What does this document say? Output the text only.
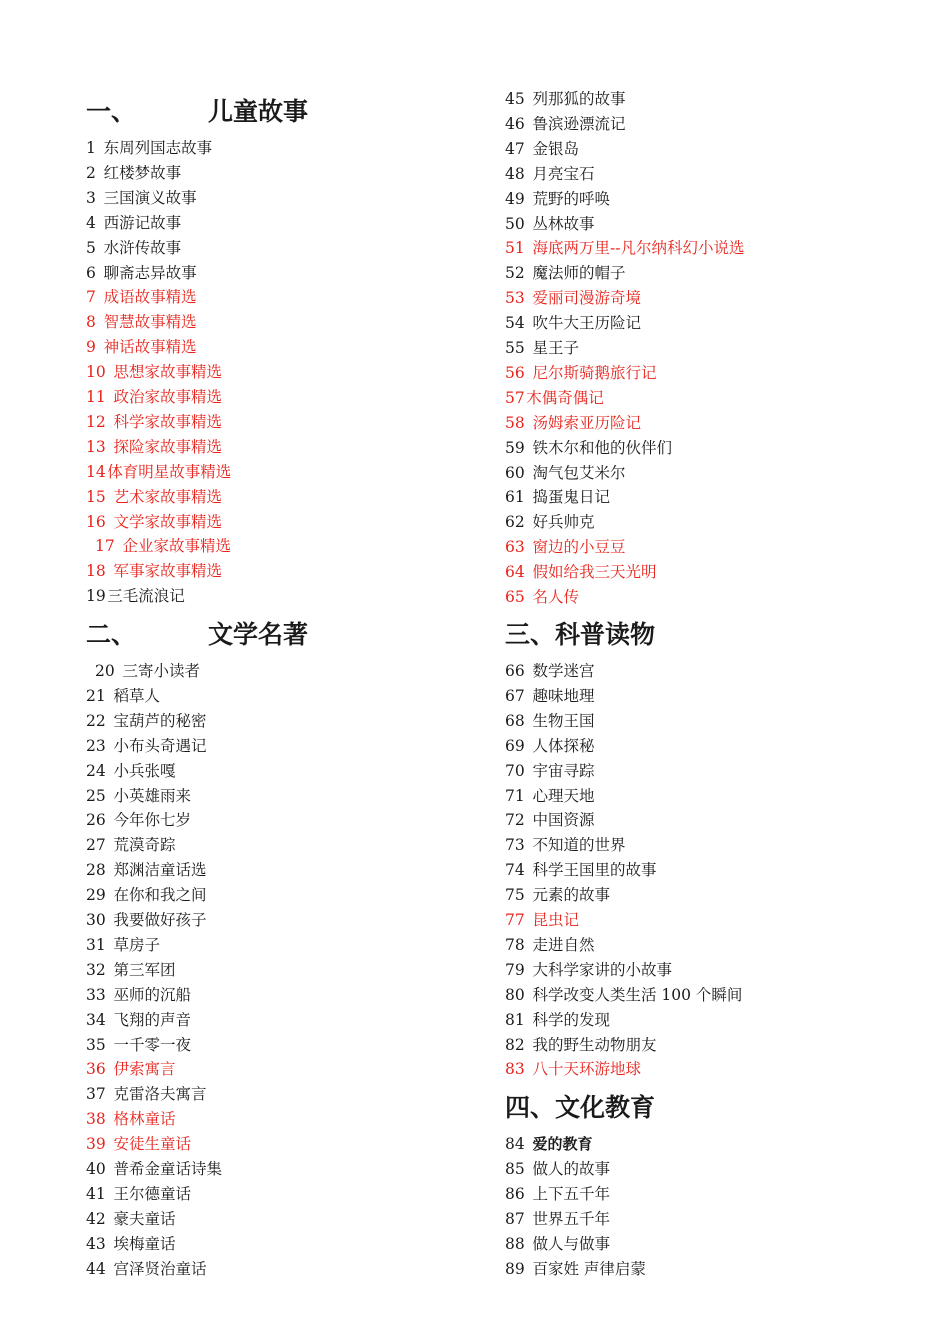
一、	儿童故事
1 东周列国志故事
2 红楼梦故事
3 三国演义故事
4 西游记故事
5 水浒传故事
6 聊斋志异故事
7 成语故事精选
8 智慧故事精选
9 神话故事精选
10 思想家故事精选
11 政治家故事精选
12 科学家故事精选
13 探险家故事精选
14体育明星故事精选
15 艺术家故事精选
16 文学家故事精选
17 企业家故事精选
18 军事家故事精选
19三毛流浪记
二、	文学名著
20 三寄小读者
21 稻草人
22 宝葫芦的秘密
23 小布头奇遇记
24 小兵张嘎
25 小英雄雨来
26 今年你七岁
27 荒漠奇踪
28 郑渊洁童话选
29 在你和我之间
30 我要做好孩子
31 草房子
32 第三军团
33 巫师的沉船
34 飞翔的声音
35 一千零一夜
36 伊索寓言
37 克雷洛夫寓言
38 格林童话
39 安徒生童话
40 普希金童话诗集
41 王尔德童话
42 豪夫童话
43 埃梅童话
44 宫泽贤治童话
45 列那狐的故事
46 鲁滨逊漂流记
47 金银岛
48 月亮宝石
49 荒野的呼唤
50 丛林故事
51 海底两万里--凡尔纳科幻小说选
52 魔法师的帽子
53 爱丽司漫游奇境
54 吹牛大王历险记
55 星王子
56 尼尔斯骑鹅旅行记
57木偶奇偶记
58 汤姆索亚历险记
59 铁木尔和他的伙伴们
60 淘气包艾米尔
61 捣蛋鬼日记
62 好兵帅克
63 窗边的小豆豆
64 假如给我三天光明
65 名人传
三、科普读物
66 数学迷宫
67 趣味地理
68 生物王国
69 人体探秘
70 宇宙寻踪
71 心理天地
72 中国资源
73 不知道的世界
74 科学王国里的故事
75 元素的故事
77 昆虫记
78 走进自然
79 大科学家讲的小故事
80 科学改变人类生活 100 个瞬间
81 科学的发现
82 我的野生动物朋友
83 八十天环游地球
四、文化教育
84 爱的教育
85 做人的故事
86 上下五千年
87 世界五千年
88 做人与做事
89 百家姓 声律启蒙
